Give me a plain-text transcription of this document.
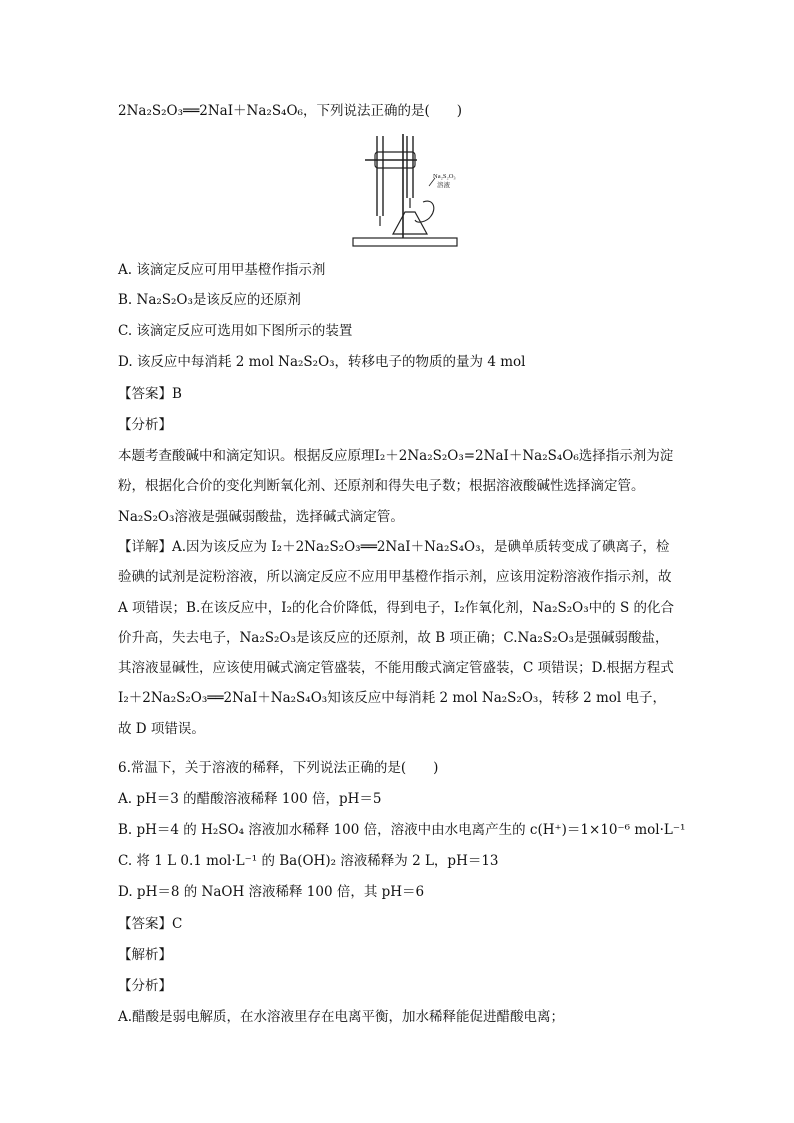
2Na₂S₂O₃══2NaI＋Na₂S₄O₆，下列说法正确的是(　　)
Na₂S₂O₃
溶液
A. 该滴定反应可用甲基橙作指示剂
B. Na₂S₂O₃是该反应的还原剂
C. 该滴定反应可选用如下图所示的装置
D. 该反应中每消耗 2 mol Na₂S₂O₃，转移电子的物质的量为 4 mol
【答案】B
【分析】
本题考查酸碱中和滴定知识。根据反应原理I₂＋2Na₂S₂O₃=2NaI＋Na₂S₄O₆选择指示剂为淀粉，根据化合价的变化判断氧化剂、还原剂和得失电子数；根据溶液酸碱性选择滴定管。Na₂S₂O₃溶液是强碱弱酸盐，选择碱式滴定管。
【详解】A.因为该反应为 I₂＋2Na₂S₂O₃══2NaI＋Na₂S₄O₃，是碘单质转变成了碘离子，检验碘的试剂是淀粉溶液，所以滴定反应不应用甲基橙作指示剂，应该用淀粉溶液作指示剂，故 A 项错误；B.在该反应中，I₂的化合价降低，得到电子，I₂作氧化剂，Na₂S₂O₃中的 S 的化合价升高，失去电子，Na₂S₂O₃是该反应的还原剂，故 B 项正确；C.Na₂S₂O₃是强碱弱酸盐，其溶液显碱性，应该使用碱式滴定管盛装，不能用酸式滴定管盛装，C 项错误；D.根据方程式 I₂＋2Na₂S₂O₃══2NaI＋Na₂S₄O₃知该反应中每消耗 2 mol Na₂S₂O₃，转移 2 mol 电子，故 D 项错误。
6.常温下，关于溶液的稀释，下列说法正确的是(　　)
A. pH＝3 的醋酸溶液稀释 100 倍，pH＝5
B. pH＝4 的 H₂SO₄ 溶液加水稀释 100 倍，溶液中由水电离产生的 c(H⁺)＝1×10⁻⁶ mol·L⁻¹
C. 将 1 L 0.1 mol·L⁻¹ 的 Ba(OH)₂ 溶液稀释为 2 L，pH＝13
D. pH＝8 的 NaOH 溶液稀释 100 倍，其 pH＝6
【答案】C
【解析】
【分析】
A.醋酸是弱电解质，在水溶液里存在电离平衡，加水稀释能促进醋酸电离；
